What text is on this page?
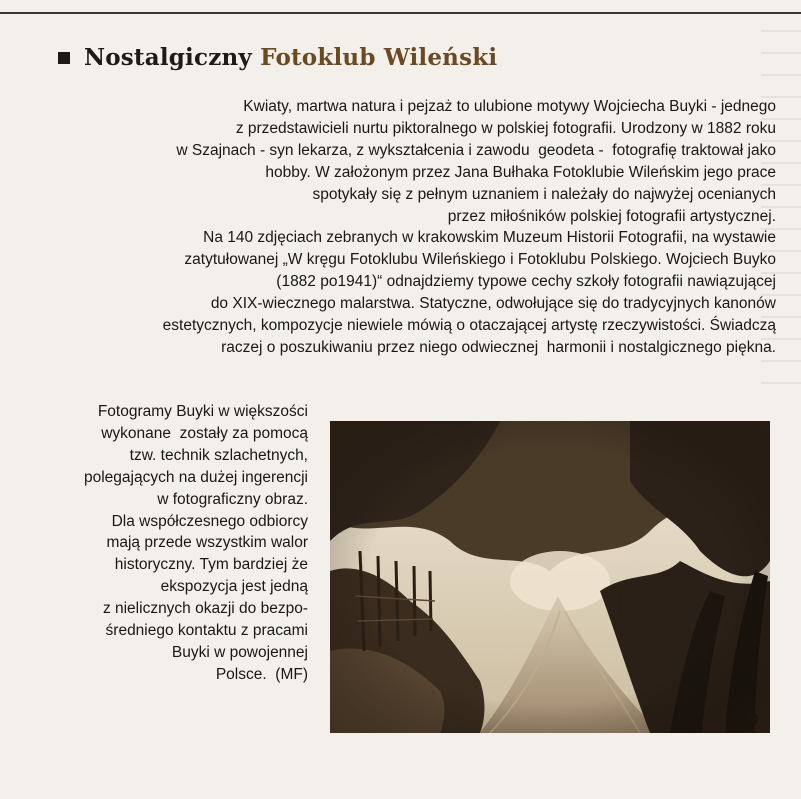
Nostalgiczny Fotoklub Wileński
Kwiaty, martwa natura i pejzaż to ulubione motywy Wojciecha Buyki - jednego
z przedstawicieli nurtu piktoralnego w polskiej fotografii. Urodzony w 1882 roku
w Szajnach - syn lekarza, z wykształcenia i zawodu  geodeta -  fotografię traktował jako
hobby. W założonym przez Jana Bułhaka Fotoklubie Wileńskim jego prace
spotykały się z pełnym uznaniem i należały do najwyżej ocenianych
przez miłośników polskiej fotografii artystycznej.
Na 140 zdjęciach zebranych w krakowskim Muzeum Historii Fotografii, na wystawie
zatytułowanej „W kręgu Fotoklubu Wileńskiego i Fotoklubu Polskiego. Wojciech Buyko
(1882 po1941)“ odnajdziemy typowe cechy szkoły fotografii nawiązującej
do XIX-wiecznego malarstwa. Statyczne, odwołujące się do tradycyjnych kanonów
estetycznych, kompozycje niewiele mówią o otaczającej artystę rzeczywistości. Świadczą
raczej o poszukiwaniu przez niego odwiecznej  harmonii i nostalgicznego piękna.
Fotogramy Buyki w większości
wykonane  zostały za pomocą
tzw. technik szlachetnych,
polegających na dużej ingerencji
w fotograficzny obraz.
Dla współczesnego odbiorcy
mają przede wszystkim walor
historyczny. Tym bardziej że
ekspozycja jest jedną
z nielicznych okazji do bezpo-
średniego kontaktu z pracami
Buyki w powojennej
Polsce.  (MF)
